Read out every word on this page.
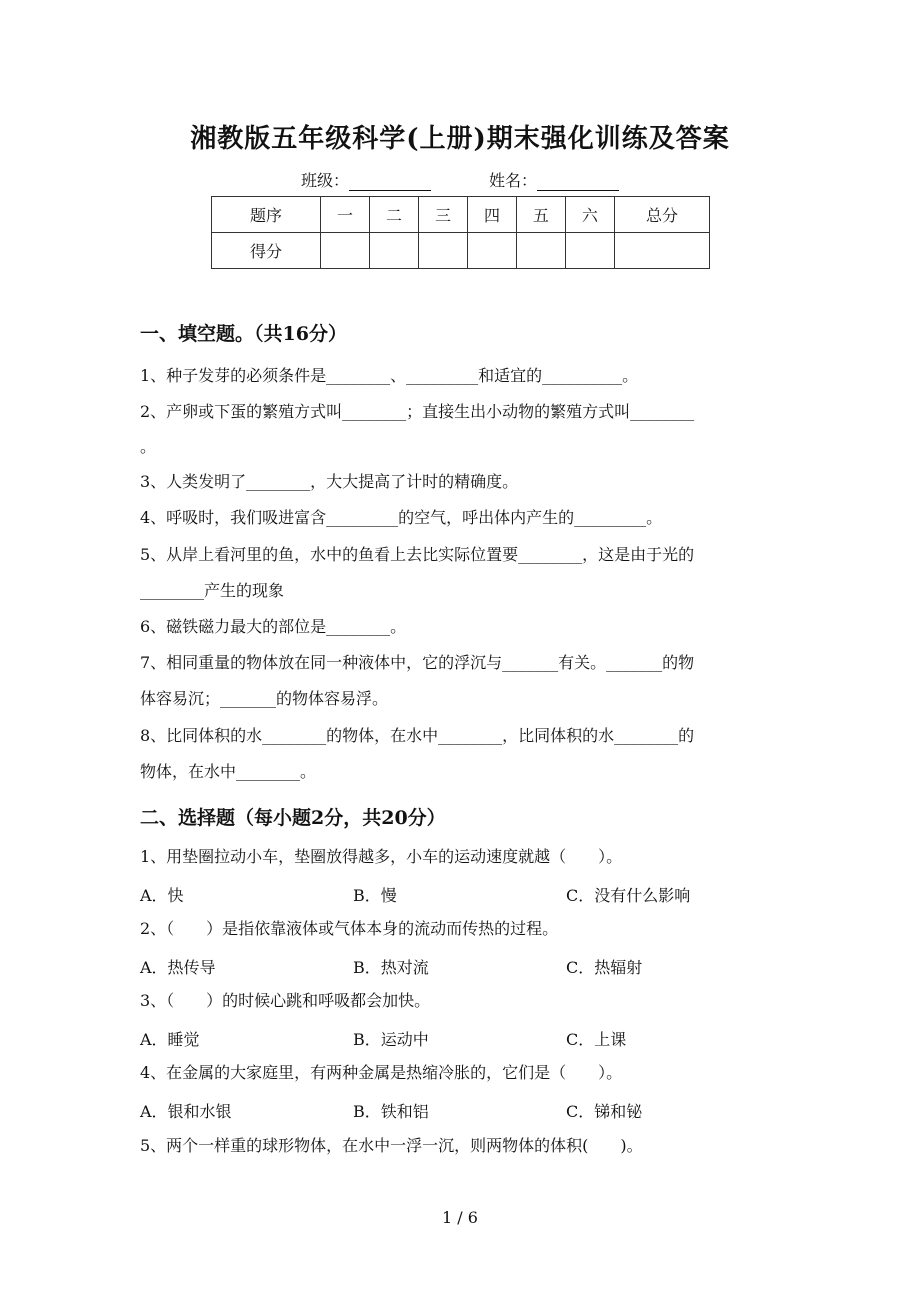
湘教版五年级科学(上册)期末强化训练及答案
班级：	姓名：
题序	一	二	三	四	五	六	总分
得分							
一、填空题。（共16分）
1、种子发芽的必须条件是________、_________和适宜的__________。
2、产卵或下蛋的繁殖方式叫________；直接生出小动物的繁殖方式叫________
。
3、人类发明了________，大大提高了计时的精确度。
4、呼吸时，我们吸进富含_________的空气，呼出体内产生的_________。
5、从岸上看河里的鱼，水中的鱼看上去比实际位置要________，这是由于光的
________产生的现象
6、磁铁磁力最大的部位是________。
7、相同重量的物体放在同一种液体中，它的浮沉与_______有关。_______的物
体容易沉；_______的物体容易浮。
8、比同体积的水________的物体，在水中________，比同体积的水________的
物体，在水中________。
二、选择题（每小题2分，共20分）
1、用垫圈拉动小车，垫圈放得越多，小车的运动速度就越（　　）。
A．快	B．慢	C．没有什么影响
2、（　　）是指依靠液体或气体本身的流动而传热的过程。
A．热传导	B．热对流	C．热辐射
3、（　　）的时候心跳和呼吸都会加快。
A．睡觉	B．运动中	C．上课
4、在金属的大家庭里，有两种金属是热缩冷胀的，它们是（　　）。
A．银和水银	B．铁和铝	C．锑和铋
5、两个一样重的球形物体，在水中一浮一沉，则两物体的体积(　　)。
1 / 6
